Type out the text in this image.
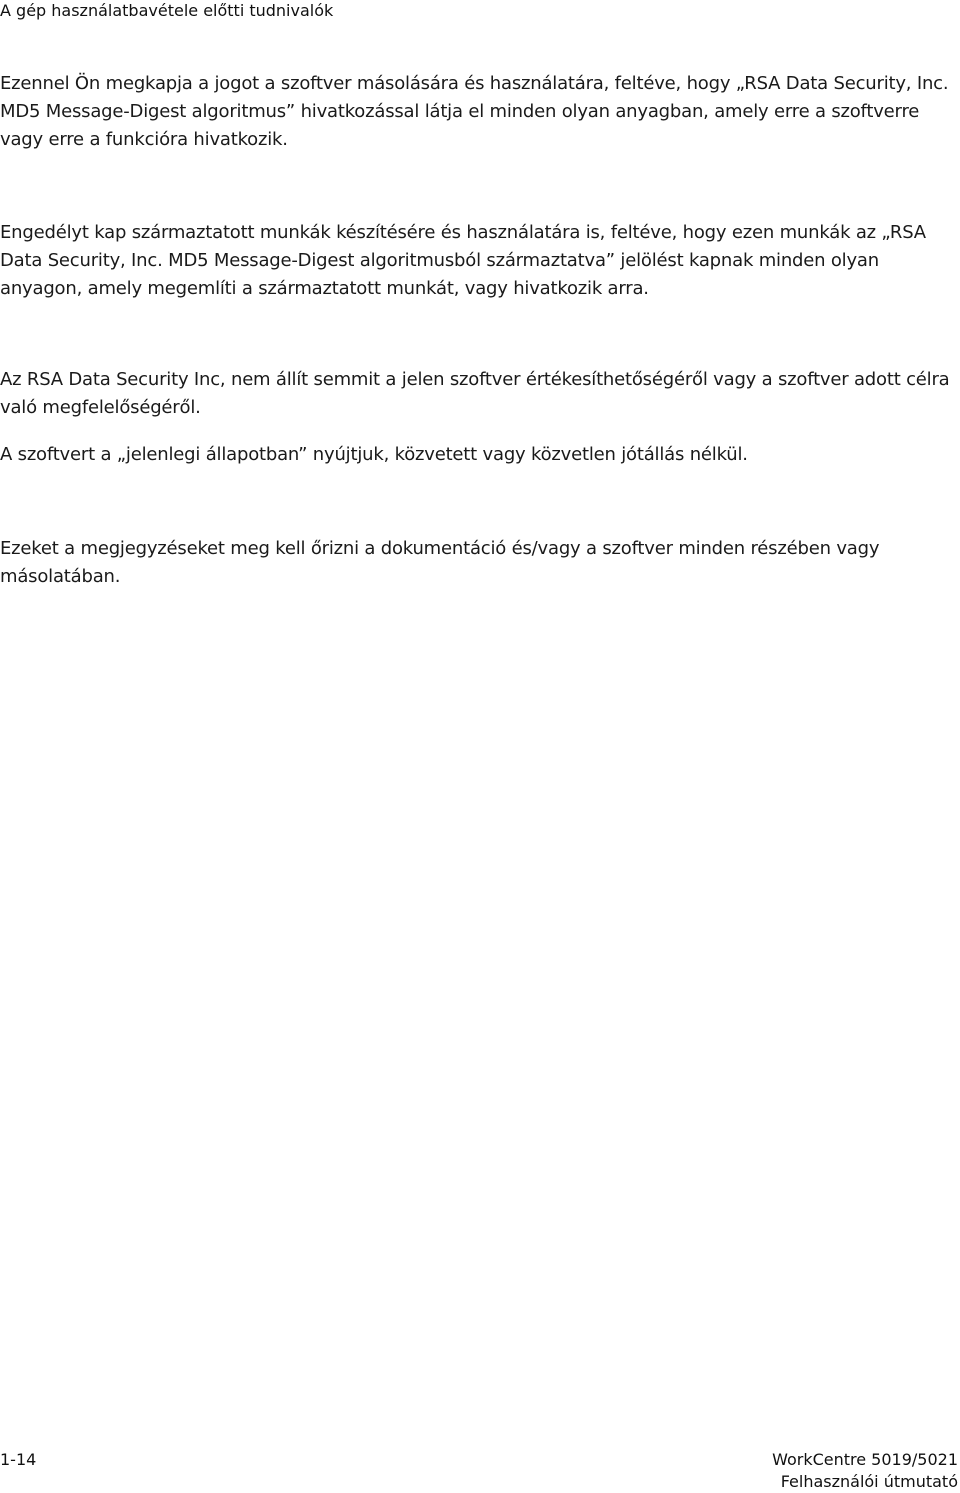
A gép használatbavétele előtti tudnivalók

Ezennel Ön megkapja a jogot a szoftver másolására és használatára, feltéve, hogy „RSA Data Security, Inc. MD5 Message-Digest algoritmus” hivatkozással látja el minden olyan anyagban, amely erre a szoftverre vagy erre a funkcióra hivatkozik.

Engedélyt kap származtatott munkák készítésére és használatára is, feltéve, hogy ezen munkák az „RSA Data Security, Inc. MD5 Message-Digest algoritmusból származtatva” jelölést kapnak minden olyan anyagon, amely megemlíti a származtatott munkát, vagy hivatkozik arra.

Az RSA Data Security Inc, nem állít semmit a jelen szoftver értékesíthetőségéről vagy a szoftver adott célra való megfelelőségéről.

A szoftvert a „jelenlegi állapotban” nyújtjuk, közvetett vagy közvetlen jótállás nélkül.

Ezeket a megjegyzéseket meg kell őrizni a dokumentáció és/vagy a szoftver minden részében vagy másolatában.

1-14	WorkCentre 5019/5021
Felhasználói útmutató
